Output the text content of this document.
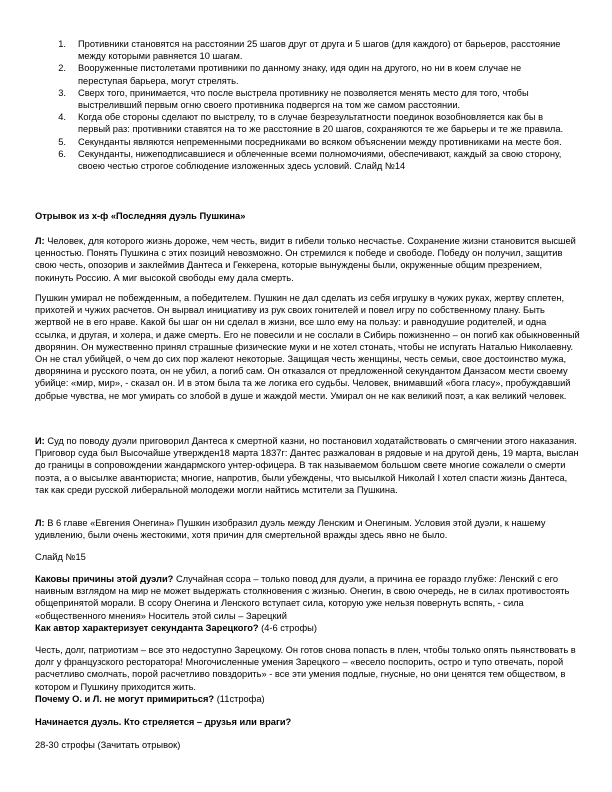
1. Противники становятся на расстоянии 25 шагов друг от друга и 5 шагов (для каждого) от барьеров, расстояние между которыми равняется 10 шагам.
2. Вооруженные пистолетами противники по данному знаку, идя один на другого, но ни в коем случае не переступая барьера, могут стрелять.
3. Сверх того, принимается, что после выстрела противнику не позволяется менять место для того, чтобы выстреливший первым огню своего противника подвергся на том же самом расстоянии.
4. Когда обе стороны сделают по выстрелу, то в случае безрезультатности поединок возобновляется как бы в первый раз: противники ставятся на то же расстояние в 20 шагов, сохраняются те же барьеры и те же правила.
5. Секунданты являются непременными посредниками во всяком объяснении между противниками на месте боя.
6. Секунданты, нижеподписавшиеся и облеченные всеми полномочиями, обеспечивают, каждый за свою сторону, своею честью строгое соблюдение изложенных здесь условий. Слайд №14

Отрывок из х-ф «Последняя дуэль Пушкина»

Л: Человек, для которого жизнь дороже, чем честь, видит в гибели только несчастье. Сохранение жизни становится высшей ценностью. Понять Пушкина с этих позиций невозможно. Он стремился к победе и свободе. Победу он получил, защитив свою честь, опозорив и заклеймив Дантеса и Геккерена, которые вынуждены были, окруженные общим презрением, покинуть Россию. А миг высокой свободы ему дала смерть.

Пушкин умирал не побежденным, а победителем. Пушкин не дал сделать из себя игрушку в чужих руках, жертву сплетен, прихотей и чужих расчетов. Он вырвал инициативу из рук своих гонителей и повел игру по собственному плану. Быть жертвой не в его нраве. Какой бы шаг он ни сделал в жизни, все шло ему на пользу: и равнодушие родителей, и одна ссылка, и другая, и холера, и даже смерть. Его не повесили и не сослали в Сибирь пожизненно – он погиб как обыкновенный дворянин. Он мужественно принял страшные физические муки и не хотел стонать, чтобы не испугать Наталью Николаевну. Он не стал убийцей, о чем до сих пор жалеют некоторые. Защищая честь женщины, честь семьи, свое достоинство мужа, дворянина и русского поэта, он не убил, а погиб сам. Он отказался от предложенной секундантом Данзасом мести своему убийце: «мир, мир», - сказал он. И в этом была та же логика его судьбы. Человек, внимавший «бога гласу», пробуждавший добрые чувства, не мог умирать со злобой в душе и жаждой мести. Умирал он не как великий поэт, а как великий человек.

И: Суд по поводу дуэли приговорил Дантеса к смертной казни, но постановил ходатайствовать о смягчении этого наказания. Приговор суда был Высочайше утвержден18 марта 1837г: Дантес разжалован в рядовые и на другой день, 19 марта, выслан до границы в сопровождении жандармского унтер-офицера. В так называемом большом свете многие сожалели о смерти поэта, а о высылке авантюриста; многие, напротив, были убеждены, что высылкой Николай I хотел спасти жизнь Дантеса, так как среди русской либеральной молодежи могли найтись мстители за Пушкина.

Л: В 6 главе «Евгения Онегина» Пушкин изобразил дуэль между Ленским и Онегиным. Условия этой дуэли, к нашему удивлению, были очень жестокими, хотя причин для смертельной вражды здесь явно не было.

Слайд №15

Каковы причины этой дуэли? Случайная ссора – только повод для дуэли, а причина ее гораздо глубже: Ленский с его наивным взглядом на мир не может выдержать столкновения с жизнью. Онегин, в свою очередь, не в силах противостоять общепринятой морали. В ссору Онегина и Ленского вступает сила, которую уже нельзя повернуть вспять, - сила «общественного мнения» Носитель этой силы – Зарецкий

Как автор характеризует секунданта Зарецкого? (4-6 строфы)

Честь, долг, патриотизм – все это недоступно Зарецкому. Он готов снова попасть в плен, чтобы только опять пьянствовать в долг у французского ресторатора! Многочисленные умения Зарецкого – «весело поспорить, остро и тупо отвечать, порой расчетливо смолчать, порой расчетливо повздорить» - все эти умения подлые, гнусные, но они ценятся тем обществом, в котором и Пушкину приходится жить.

Почему О. и Л. не могут примириться? (11строфа)

Начинается дуэль. Кто стреляется – друзья или враги?

28-30 строфы (Зачитать отрывок)
